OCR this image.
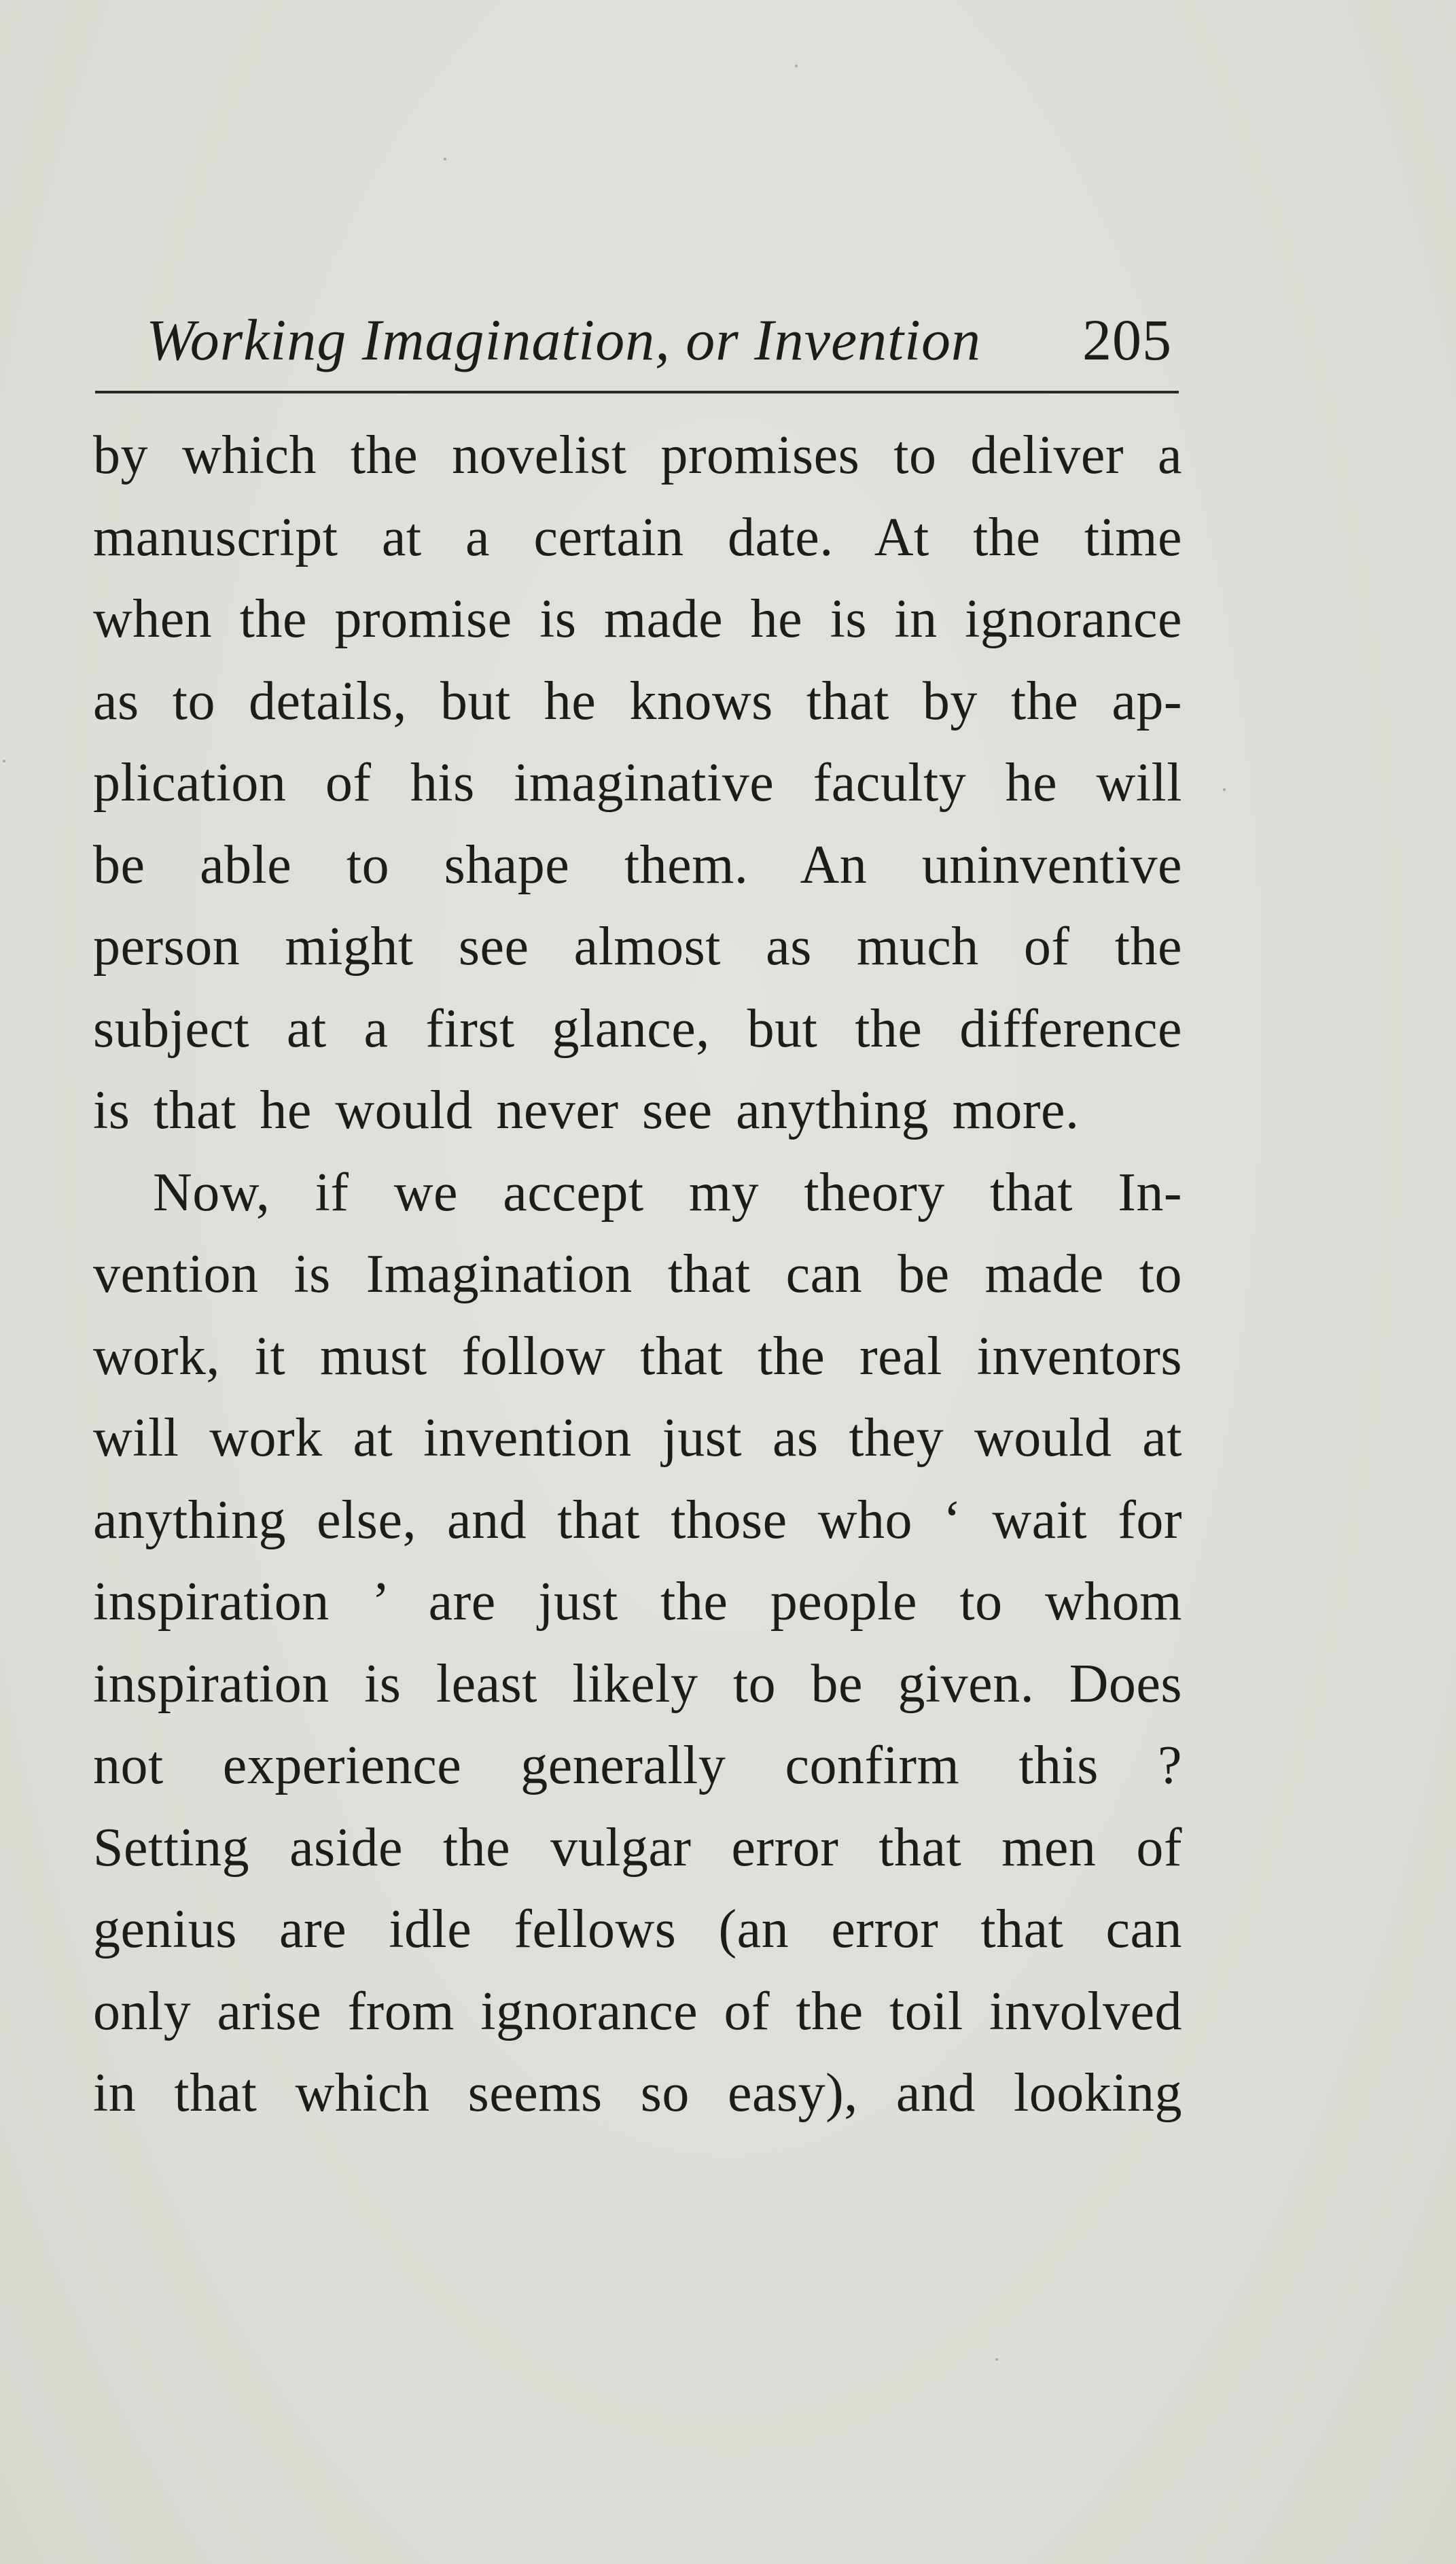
Working Imagination, or Invention 205
by which the novelist promises to deliver a
manuscript at a certain date. At the time
when the promise is made he is in ignorance
as to details, but he knows that by the ap-
plication of his imaginative faculty he will
be able to shape them. An uninventive
person might see almost as much of the
subject at a first glance, but the difference
is that he would never see anything more.
Now, if we accept my theory that In-
vention is Imagination that can be made to
work, it must follow that the real inventors
will work at invention just as they would at
anything else, and that those who ‘ wait for
inspiration ’ are just the people to whom
inspiration is least likely to be given. Does
not experience generally confirm this ?
Setting aside the vulgar error that men of
genius are idle fellows (an error that can
only arise from ignorance of the toil involved
in that which seems so easy), and looking
